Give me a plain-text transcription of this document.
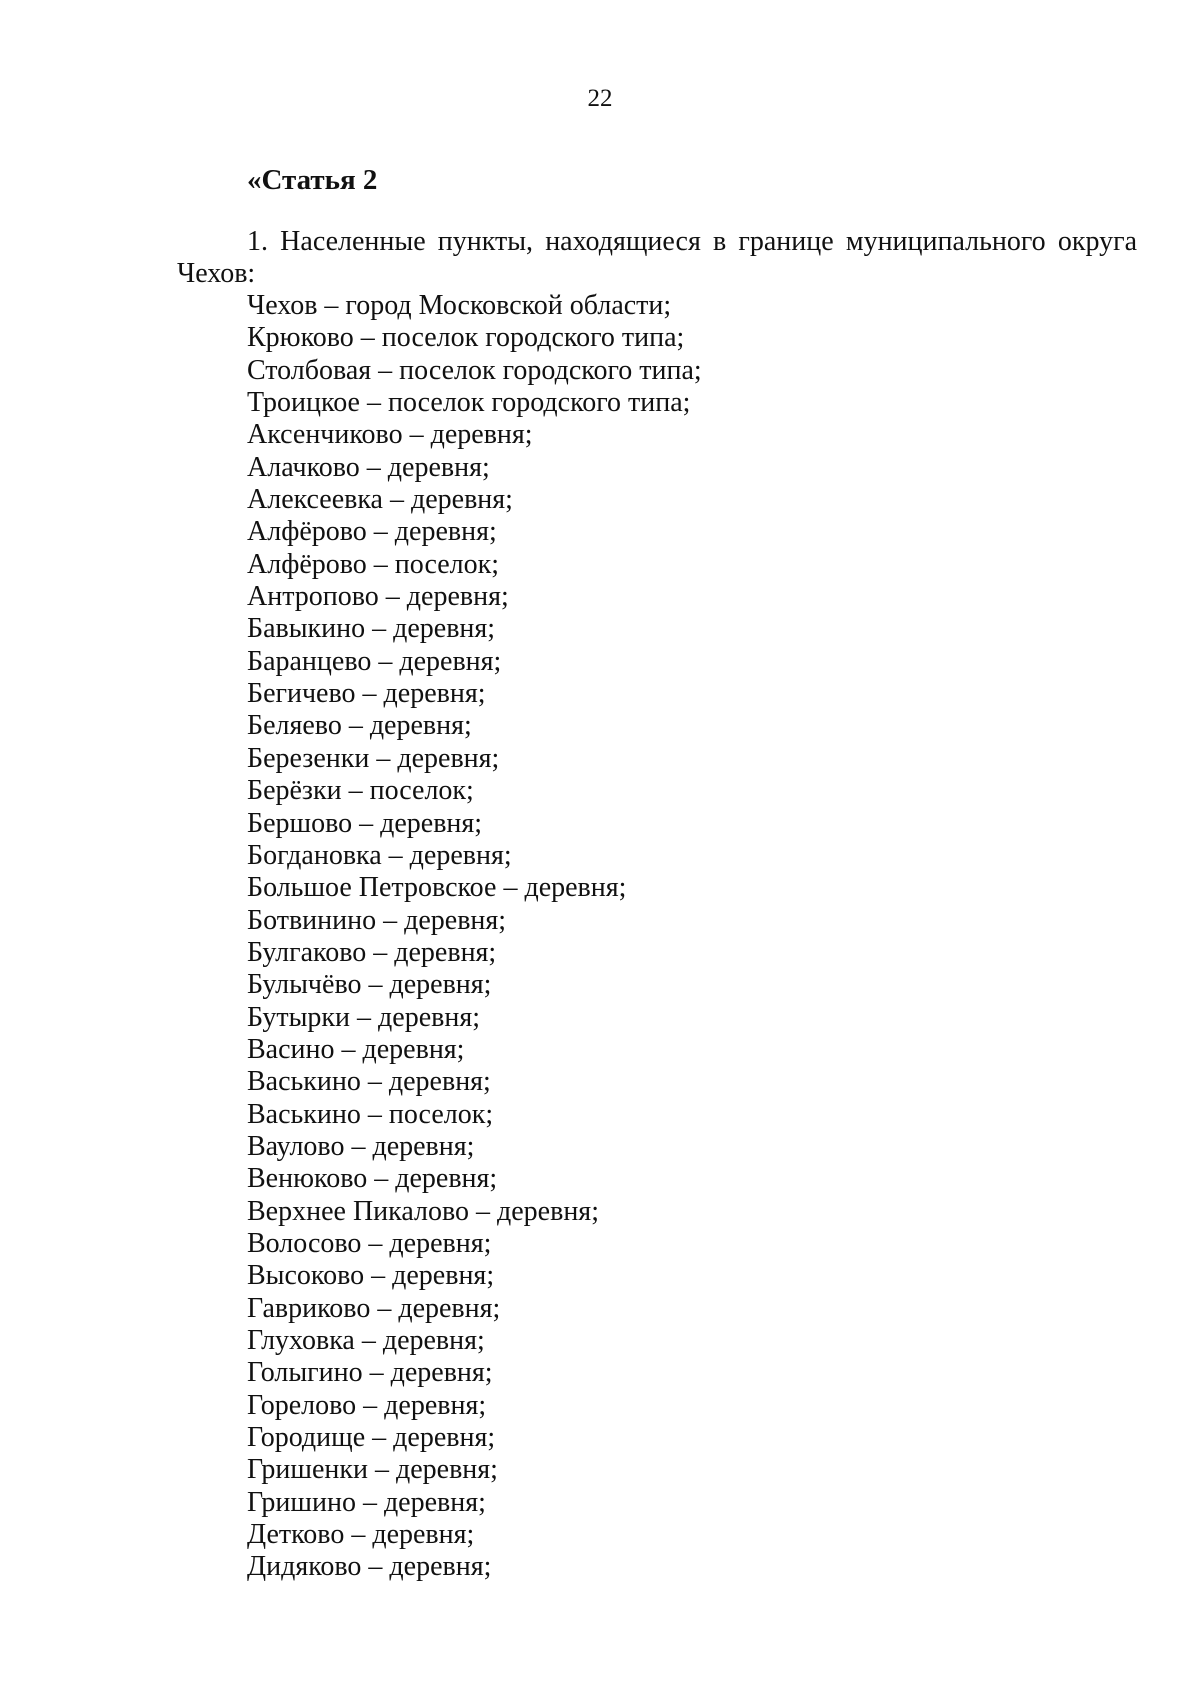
22
«Статья 2
1. Населенные пункты, находящиеся в границе муниципального округа Чехов:
Чехов – город Московской области;
Крюково – поселок городского типа;
Столбовая – поселок городского типа;
Троицкое – поселок городского типа;
Аксенчиково – деревня;
Алачково – деревня;
Алексеевка – деревня;
Алфёрово – деревня;
Алфёрово – поселок;
Антропово – деревня;
Бавыкино – деревня;
Баранцево – деревня;
Бегичево – деревня;
Беляево – деревня;
Березенки – деревня;
Берёзки – поселок;
Бершово – деревня;
Богдановка – деревня;
Большое Петровское – деревня;
Ботвинино – деревня;
Булгаково – деревня;
Булычёво – деревня;
Бутырки – деревня;
Васино – деревня;
Васькино – деревня;
Васькино – поселок;
Ваулово – деревня;
Венюково – деревня;
Верхнее Пикалово – деревня;
Волосово – деревня;
Высоково – деревня;
Гавриково – деревня;
Глуховка – деревня;
Голыгино – деревня;
Горелово – деревня;
Городище – деревня;
Гришенки – деревня;
Гришино – деревня;
Детково – деревня;
Дидяково – деревня;
